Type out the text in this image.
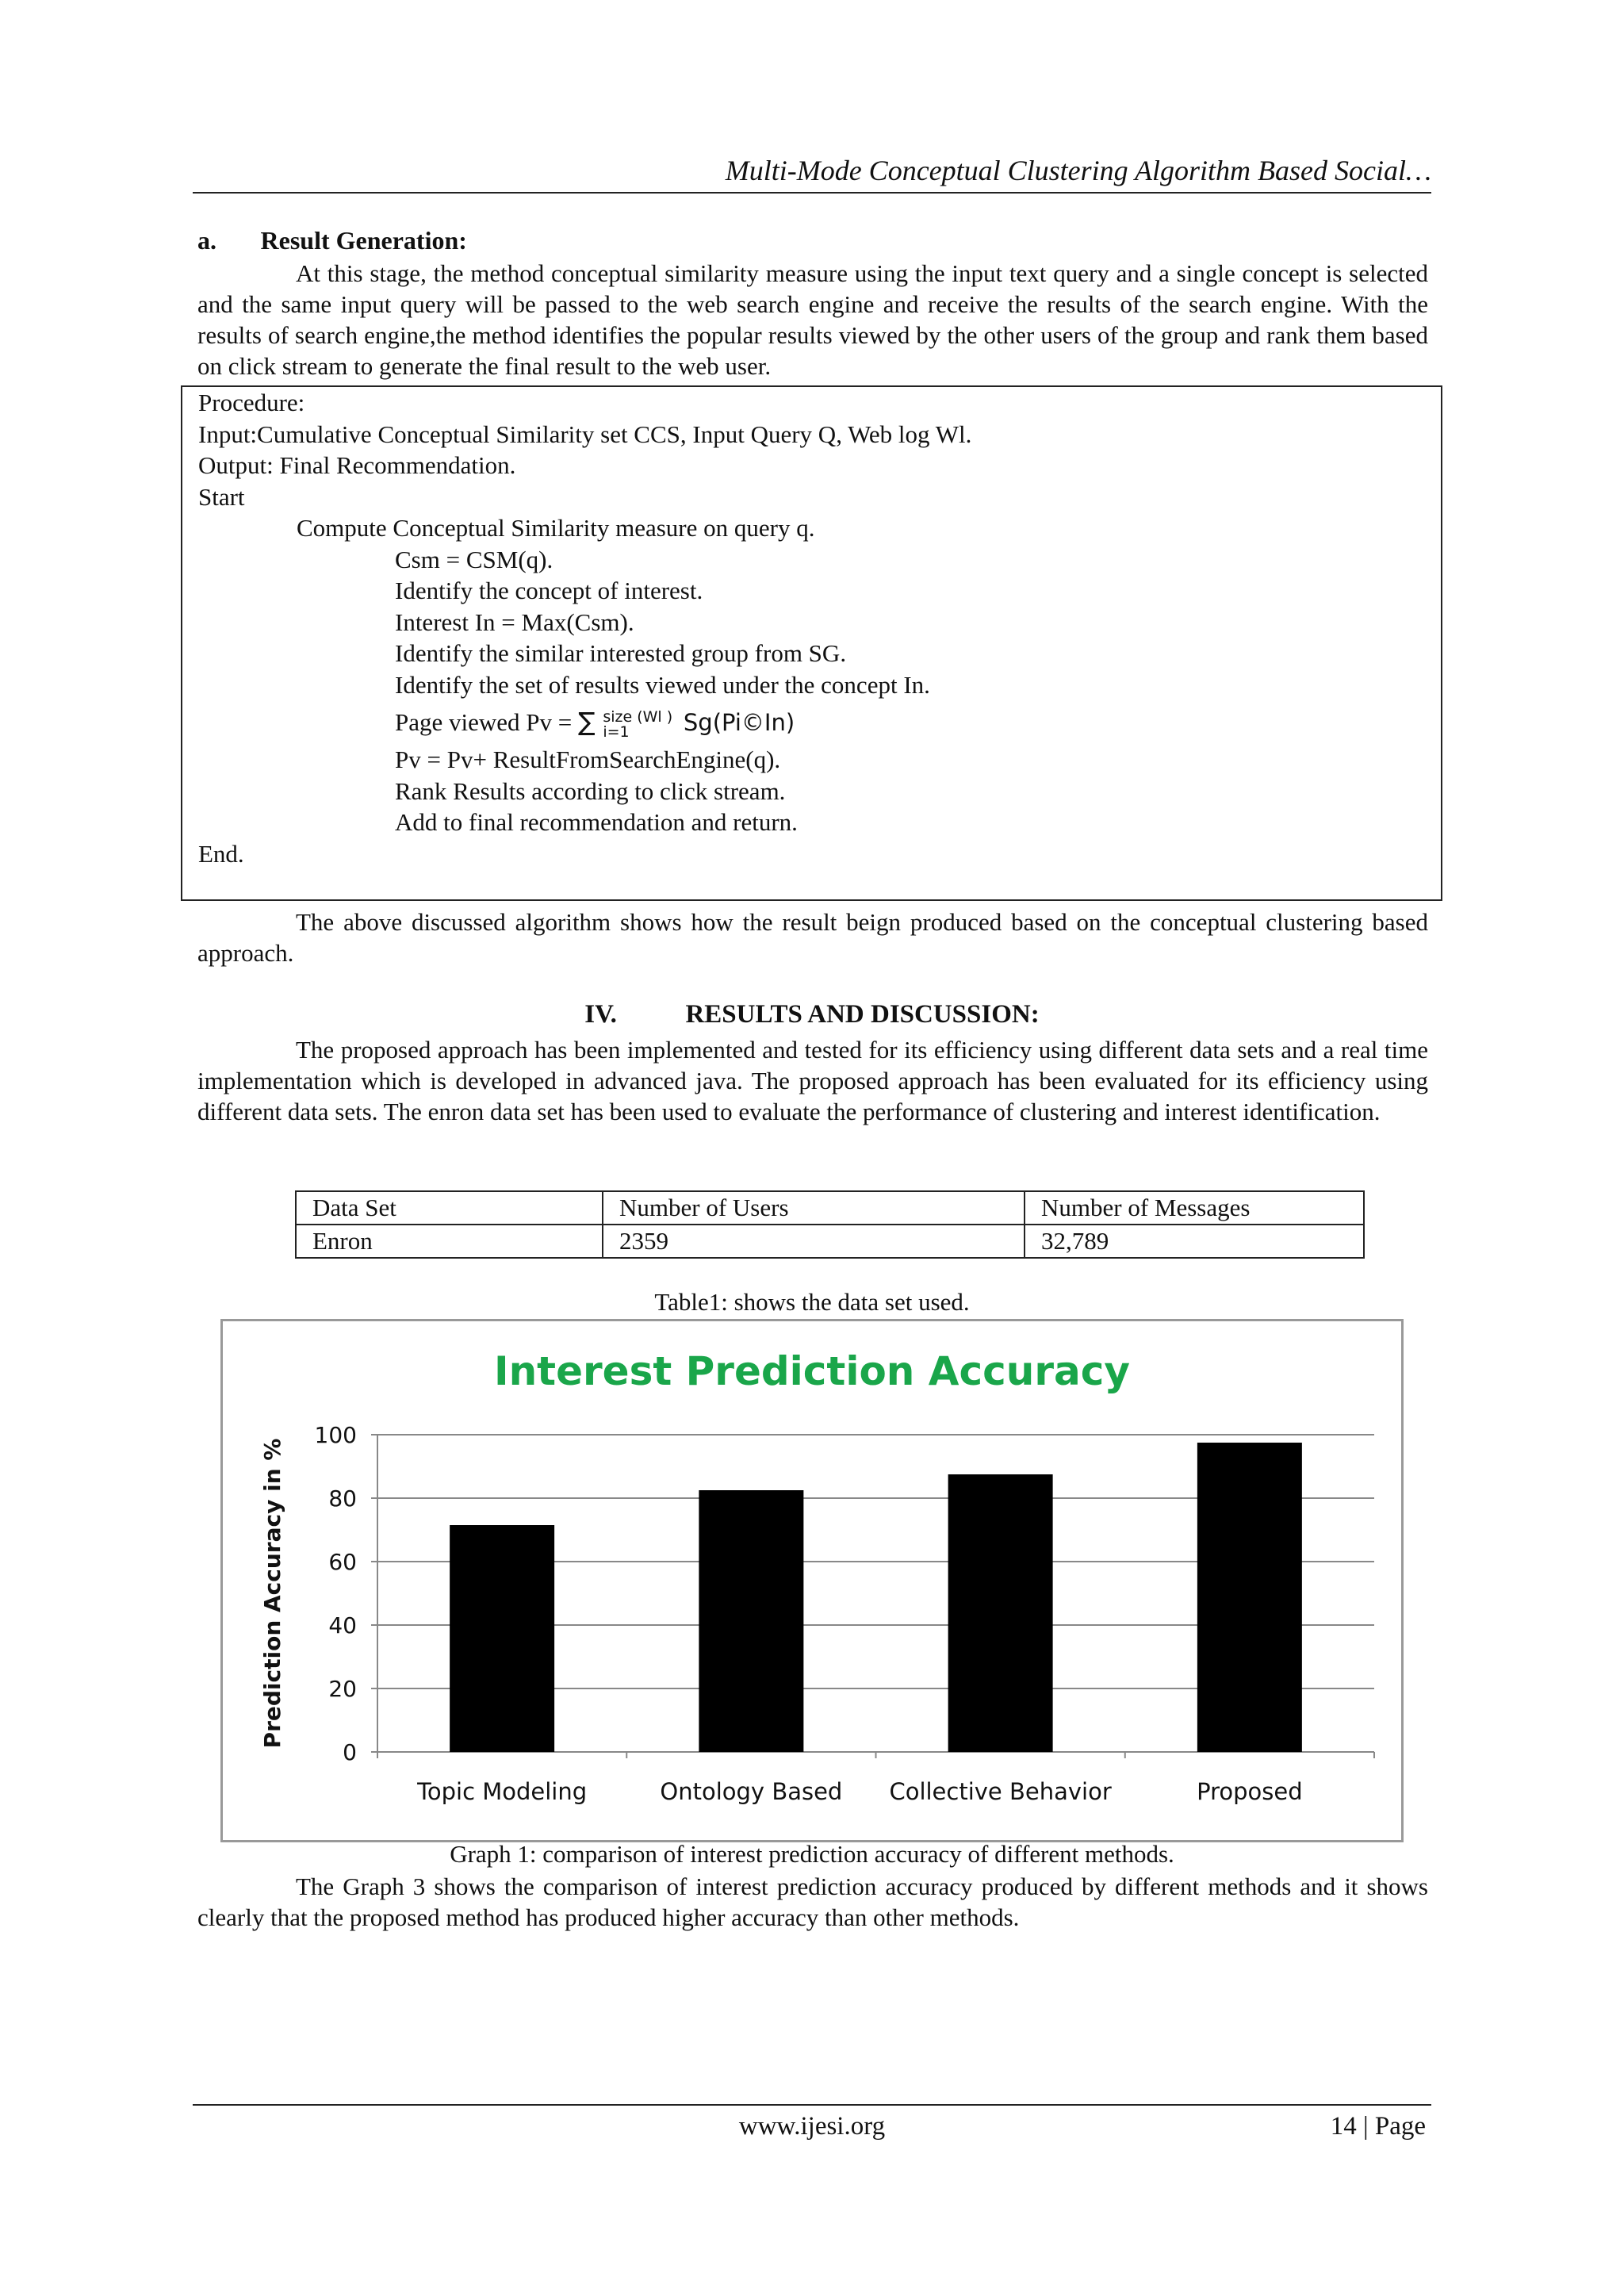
Multi-Mode Conceptual Clustering Algorithm Based Social…
a. Result Generation:
At this stage, the method conceptual similarity measure using the input text query and a single concept is selected and the same input query will be passed to the web search engine and receive the results of the search engine. With the results of search engine,the method identifies the popular results viewed by the other users of the group and rank them based on click stream to generate the final result to the web user.
Procedure:
Input:Cumulative Conceptual Similarity set CCS, Input Query Q, Web log Wl.
Output: Final Recommendation.
Start
Compute Conceptual Similarity measure on query q.
Csm = CSM(q).
Identify the concept of interest.
Interest In = Max(Csm).
Identify the similar interested group from SG.
Identify the set of results viewed under the concept In.
Page viewed Pv = ∑ size (Wl )
i=1 Sg(Pi©In)
Pv = Pv+ ResultFromSearchEngine(q).
Rank Results according to click stream.
Add to final recommendation and return.
End.
The above discussed algorithm shows how the result beign produced based on the conceptual clustering based approach.
IV.	RESULTS AND DISCUSSION:
The proposed approach has been implemented and tested for its efficiency using different data sets and a real time implementation which is developed in advanced java. The proposed approach has been evaluated for its efficiency using different data sets. The enron data set has been used to evaluate the performance of clustering and interest identification.
Data Set	Number of Users	Number of Messages
Enron	2359	32,789
Table1: shows the data set used.
Interest Prediction Accuracy
0
20
40
60
80
100
Topic Modeling	Ontology Based Collective Behavior	Proposed
Prediction Accuracy in %
Graph 1: comparison of interest prediction accuracy of different methods.
The Graph 3 shows the comparison of interest prediction accuracy produced by different methods and it shows clearly that the proposed method has produced higher accuracy than other methods.
www.ijesi.org	14 | Page
